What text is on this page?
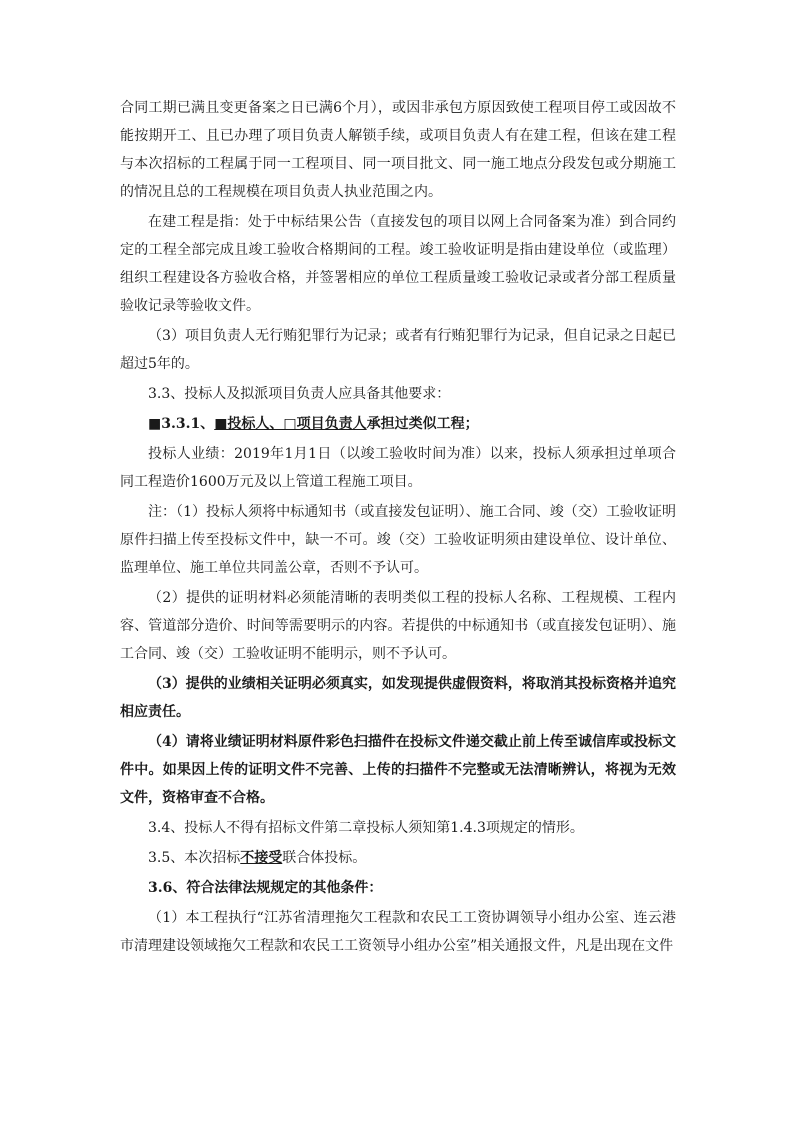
合同工期已满且变更备案之日已满6个月），或因非承包方原因致使工程项目停工或因故不能按期开工、且已办理了项目负责人解锁手续，或项目负责人有在建工程，但该在建工程与本次招标的工程属于同一工程项目、同一项目批文、同一施工地点分段发包或分期施工的情况且总的工程规模在项目负责人执业范围之内。

在建工程是指：处于中标结果公告（直接发包的项目以网上合同备案为准）到合同约定的工程全部完成且竣工验收合格期间的工程。竣工验收证明是指由建设单位（或监理）组织工程建设各方验收合格，并签署相应的单位工程质量竣工验收记录或者分部工程质量验收记录等验收文件。

（3）项目负责人无行贿犯罪行为记录；或者有行贿犯罪行为记录，但自记录之日起已超过5年的。

3.3、投标人及拟派项目负责人应具备其他要求：

■3.3.1、■投标人、□项目负责人承担过类似工程；

投标人业绩：2019年1月1日（以竣工验收时间为准）以来，投标人须承担过单项合同工程造价1600万元及以上管道工程施工项目。

注：（1）投标人须将中标通知书（或直接发包证明）、施工合同、竣（交）工验收证明原件扫描上传至投标文件中，缺一不可。竣（交）工验收证明须由建设单位、设计单位、监理单位、施工单位共同盖公章，否则不予认可。

（2）提供的证明材料必须能清晰的表明类似工程的投标人名称、工程规模、工程内容、管道部分造价、时间等需要明示的内容。若提供的中标通知书（或直接发包证明）、施工合同、竣（交）工验收证明不能明示，则不予认可。

（3）提供的业绩相关证明必须真实，如发现提供虚假资料，将取消其投标资格并追究相应责任。

（4）请将业绩证明材料原件彩色扫描件在投标文件递交截止前上传至诚信库或投标文件中。如果因上传的证明文件不完善、上传的扫描件不完整或无法清晰辨认，将视为无效文件，资格审查不合格。

3.4、投标人不得有招标文件第二章投标人须知第1.4.3项规定的情形。

3.5、本次招标不接受联合体投标。

3.6、符合法律法规规定的其他条件：

（1）本工程执行“江苏省清理拖欠工程款和农民工工资协调领导小组办公室、连云港市清理建设领域拖欠工程款和农民工工资领导小组办公室”相关通报文件，凡是出现在文件
